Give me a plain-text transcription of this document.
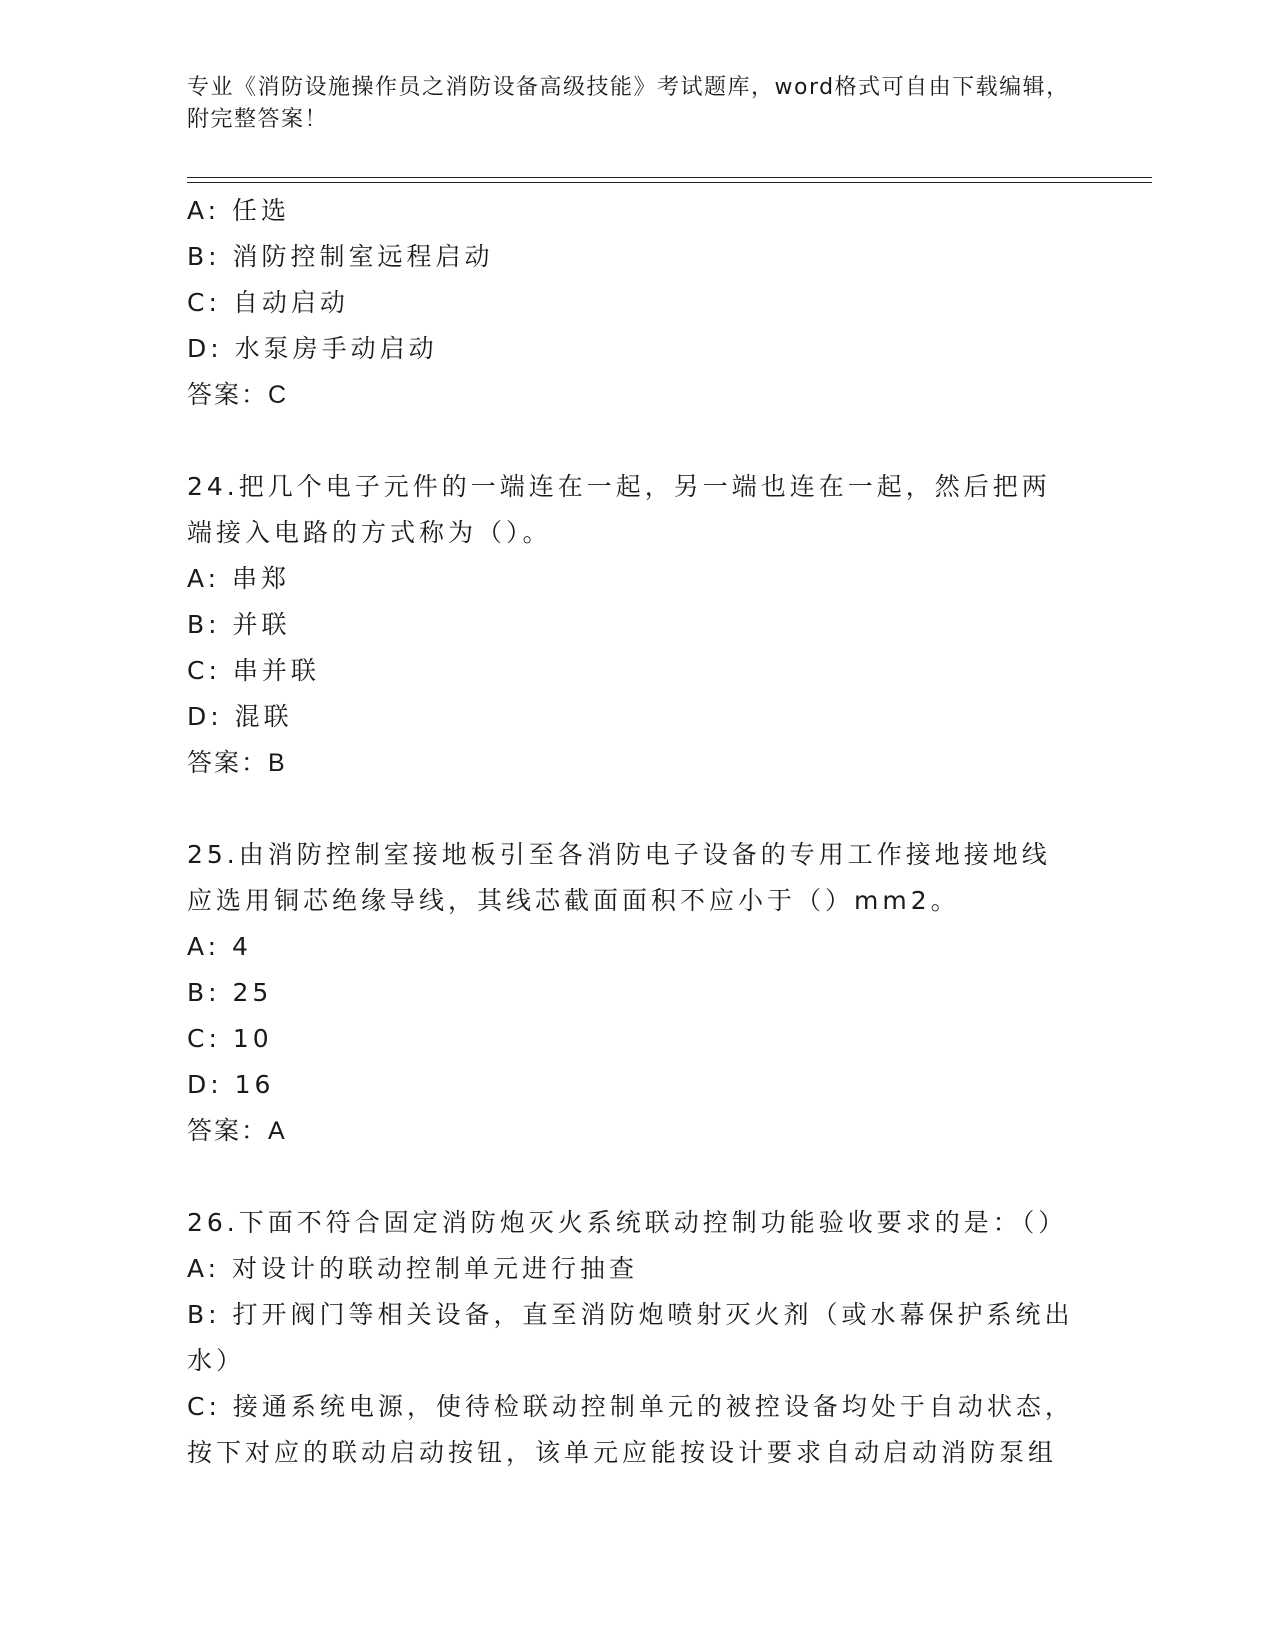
专业《消防设施操作员之消防设备高级技能》考试题库，word格式可自由下载编辑，附完整答案！
A: 任选
B: 消防控制室远程启动
C: 自动启动
D: 水泵房手动启动
答案：C
24.把几个电子元件的一端连在一起，另一端也连在一起，然后把两端接入电路的方式称为（）。
A: 串郑
B: 并联
C: 串并联
D: 混联
答案：B
25.由消防控制室接地板引至各消防电子设备的专用工作接地接地线应选用铜芯绝缘导线，其线芯截面面积不应小于（）mm2。
A: 4
B: 25
C: 10
D: 16
答案：A
26.下面不符合固定消防炮灭火系统联动控制功能验收要求的是：（）
A: 对设计的联动控制单元进行抽查
B: 打开阀门等相关设备，直至消防炮喷射灭火剂（或水幕保护系统出水）
C: 接通系统电源，使待检联动控制单元的被控设备均处于自动状态，按下对应的联动启动按钮，该单元应能按设计要求自动启动消防泵组
